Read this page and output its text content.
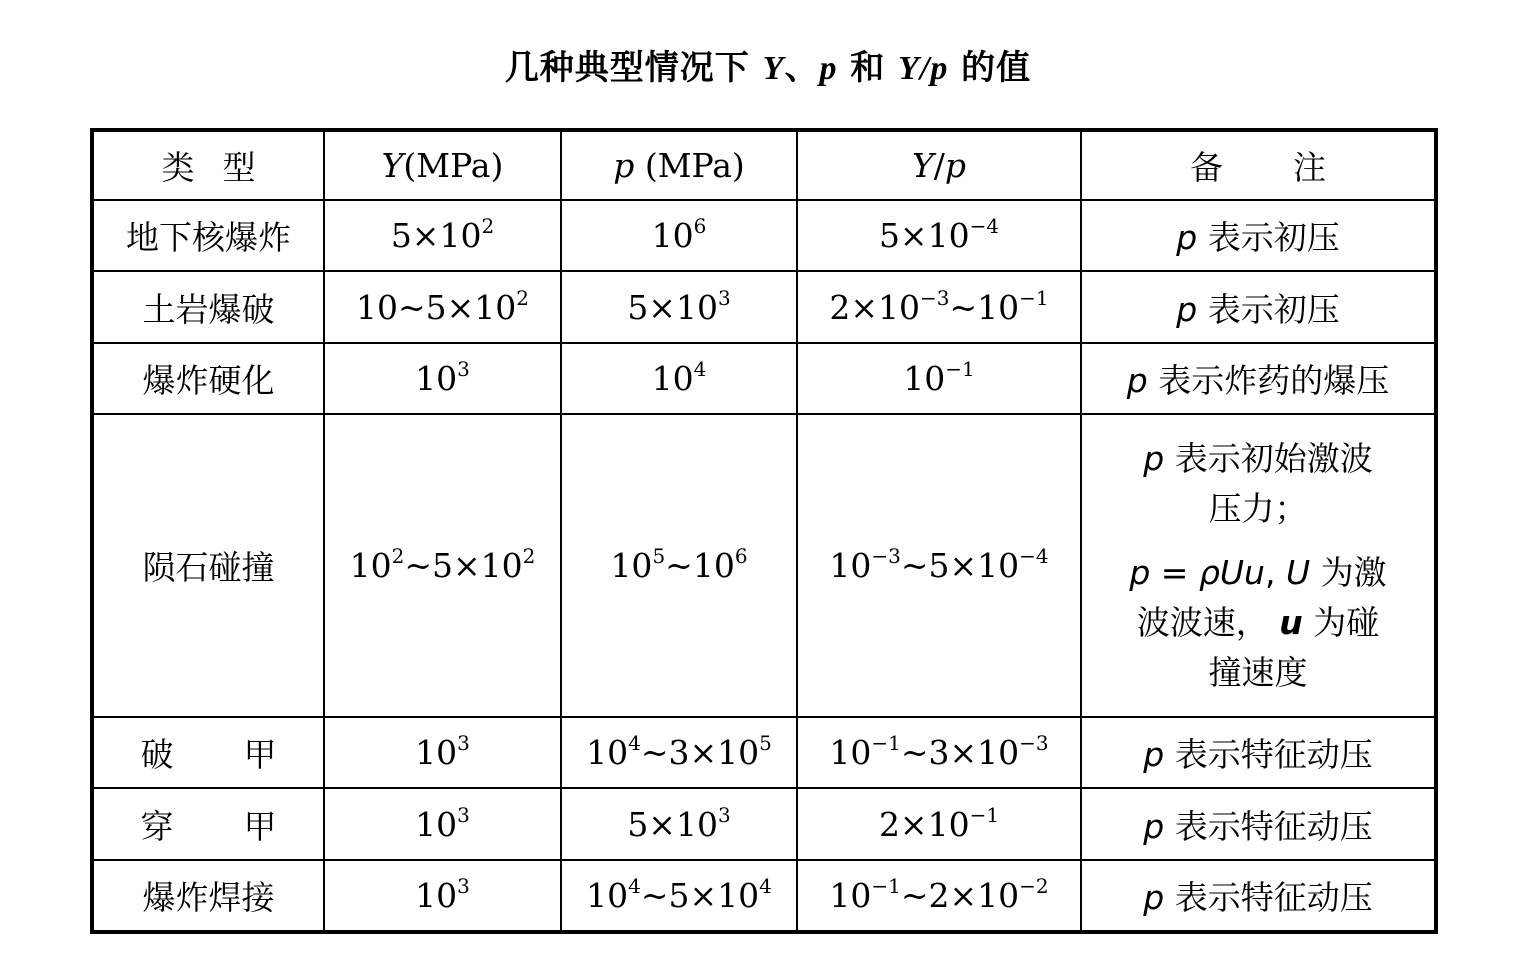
几种典型情况下 Y、p 和 Y/p 的值
类型	Y(MPa)	p (MPa)	Y/p	备注
地下核爆炸	$5\times 10^2$	$10^6$	$5\times 10^{-4}$	p 表示初压
土岩爆破	$10\sim 5\times 10^2$	$5\times 10^3$	$2\times 10^{-3}\sim 10^{-1}$	p 表示初压
爆炸硬化	$10^3$	$10^4$	$10^{-1}$	p 表示炸药的爆压
陨石碰撞	$10^2\sim 5\times 10^2$	$10^5\sim 10^6$	$10^{-3}\sim 5\times 10^{-4}$	p 表示初始激波

压力；

p = ρUu, U 为激

波波速， u 为碰

撞速度

破甲	$10^3$	$10^4\sim 3\times 10^5$	$10^{-1}\sim 3\times 10^{-3}$	p 表示特征动压
穿甲	$10^3$	$5\times 10^3$	$2\times 10^{-1}$	p 表示特征动压
爆炸焊接	$10^3$	$10^4\sim 5\times 10^4$	$10^{-1}\sim 2\times 10^{-2}$	p 表示特征动压
